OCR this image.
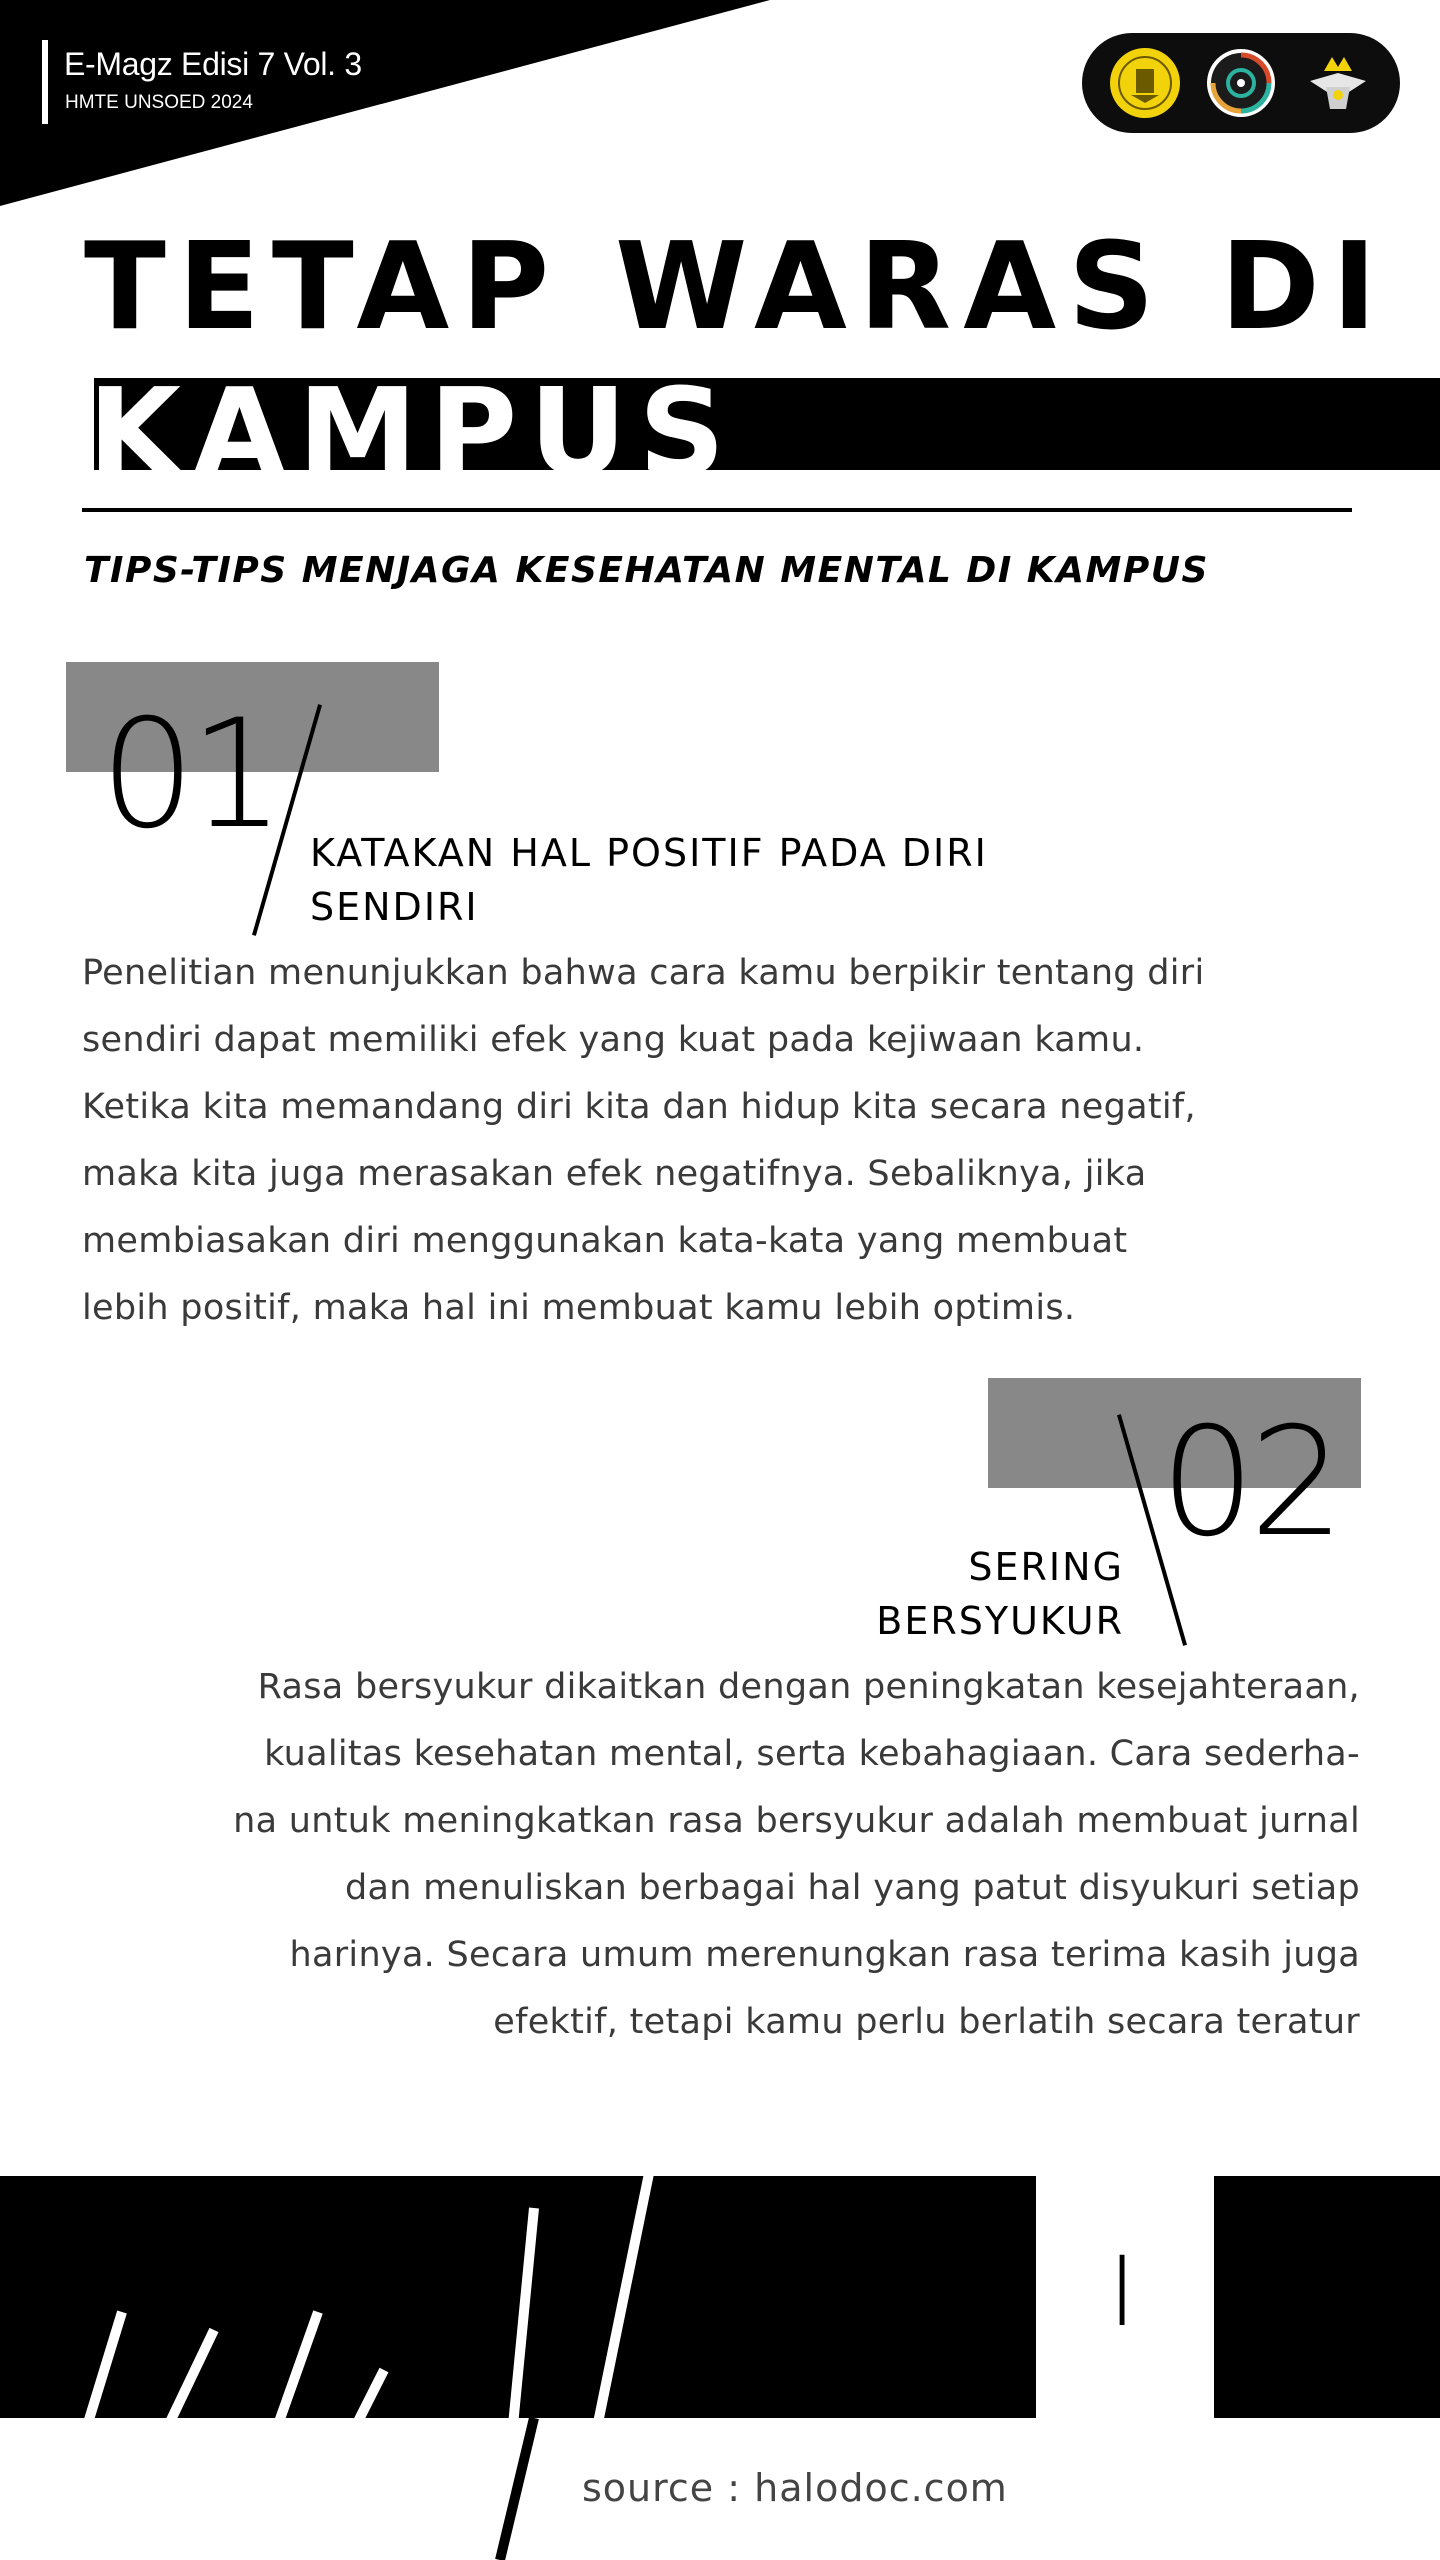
E-Magz Edisi 7 Vol. 3
HMTE UNSOED 2024
TETAP WARAS DI
KAMPUS
TIPS-TIPS MENJAGA KESEHATAN MENTAL DI KAMPUS
01 KATAKAN HAL POSITIF PADA DIRI
SENDIRI
Penelitian menunjukkan bahwa cara kamu berpikir tentang diri
sendiri dapat memiliki efek yang kuat pada kejiwaan kamu.
Ketika kita memandang diri kita dan hidup kita secara negatif,
maka kita juga merasakan efek negatifnya. Sebaliknya, jika
membiasakan diri menggunakan kata-kata yang membuat
lebih positif, maka hal ini membuat kamu lebih optimis.
02
SERING
BERSYUKUR
Rasa bersyukur dikaitkan dengan peningkatan kesejahteraan,
kualitas kesehatan mental, serta kebahagiaan. Cara sederha-
na untuk meningkatkan rasa bersyukur adalah membuat jurnal
dan menuliskan berbagai hal yang patut disyukuri setiap
harinya. Secara umum merenungkan rasa terima kasih juga
efektif, tetapi kamu perlu berlatih secara teratur
I
source : halodoc.com
